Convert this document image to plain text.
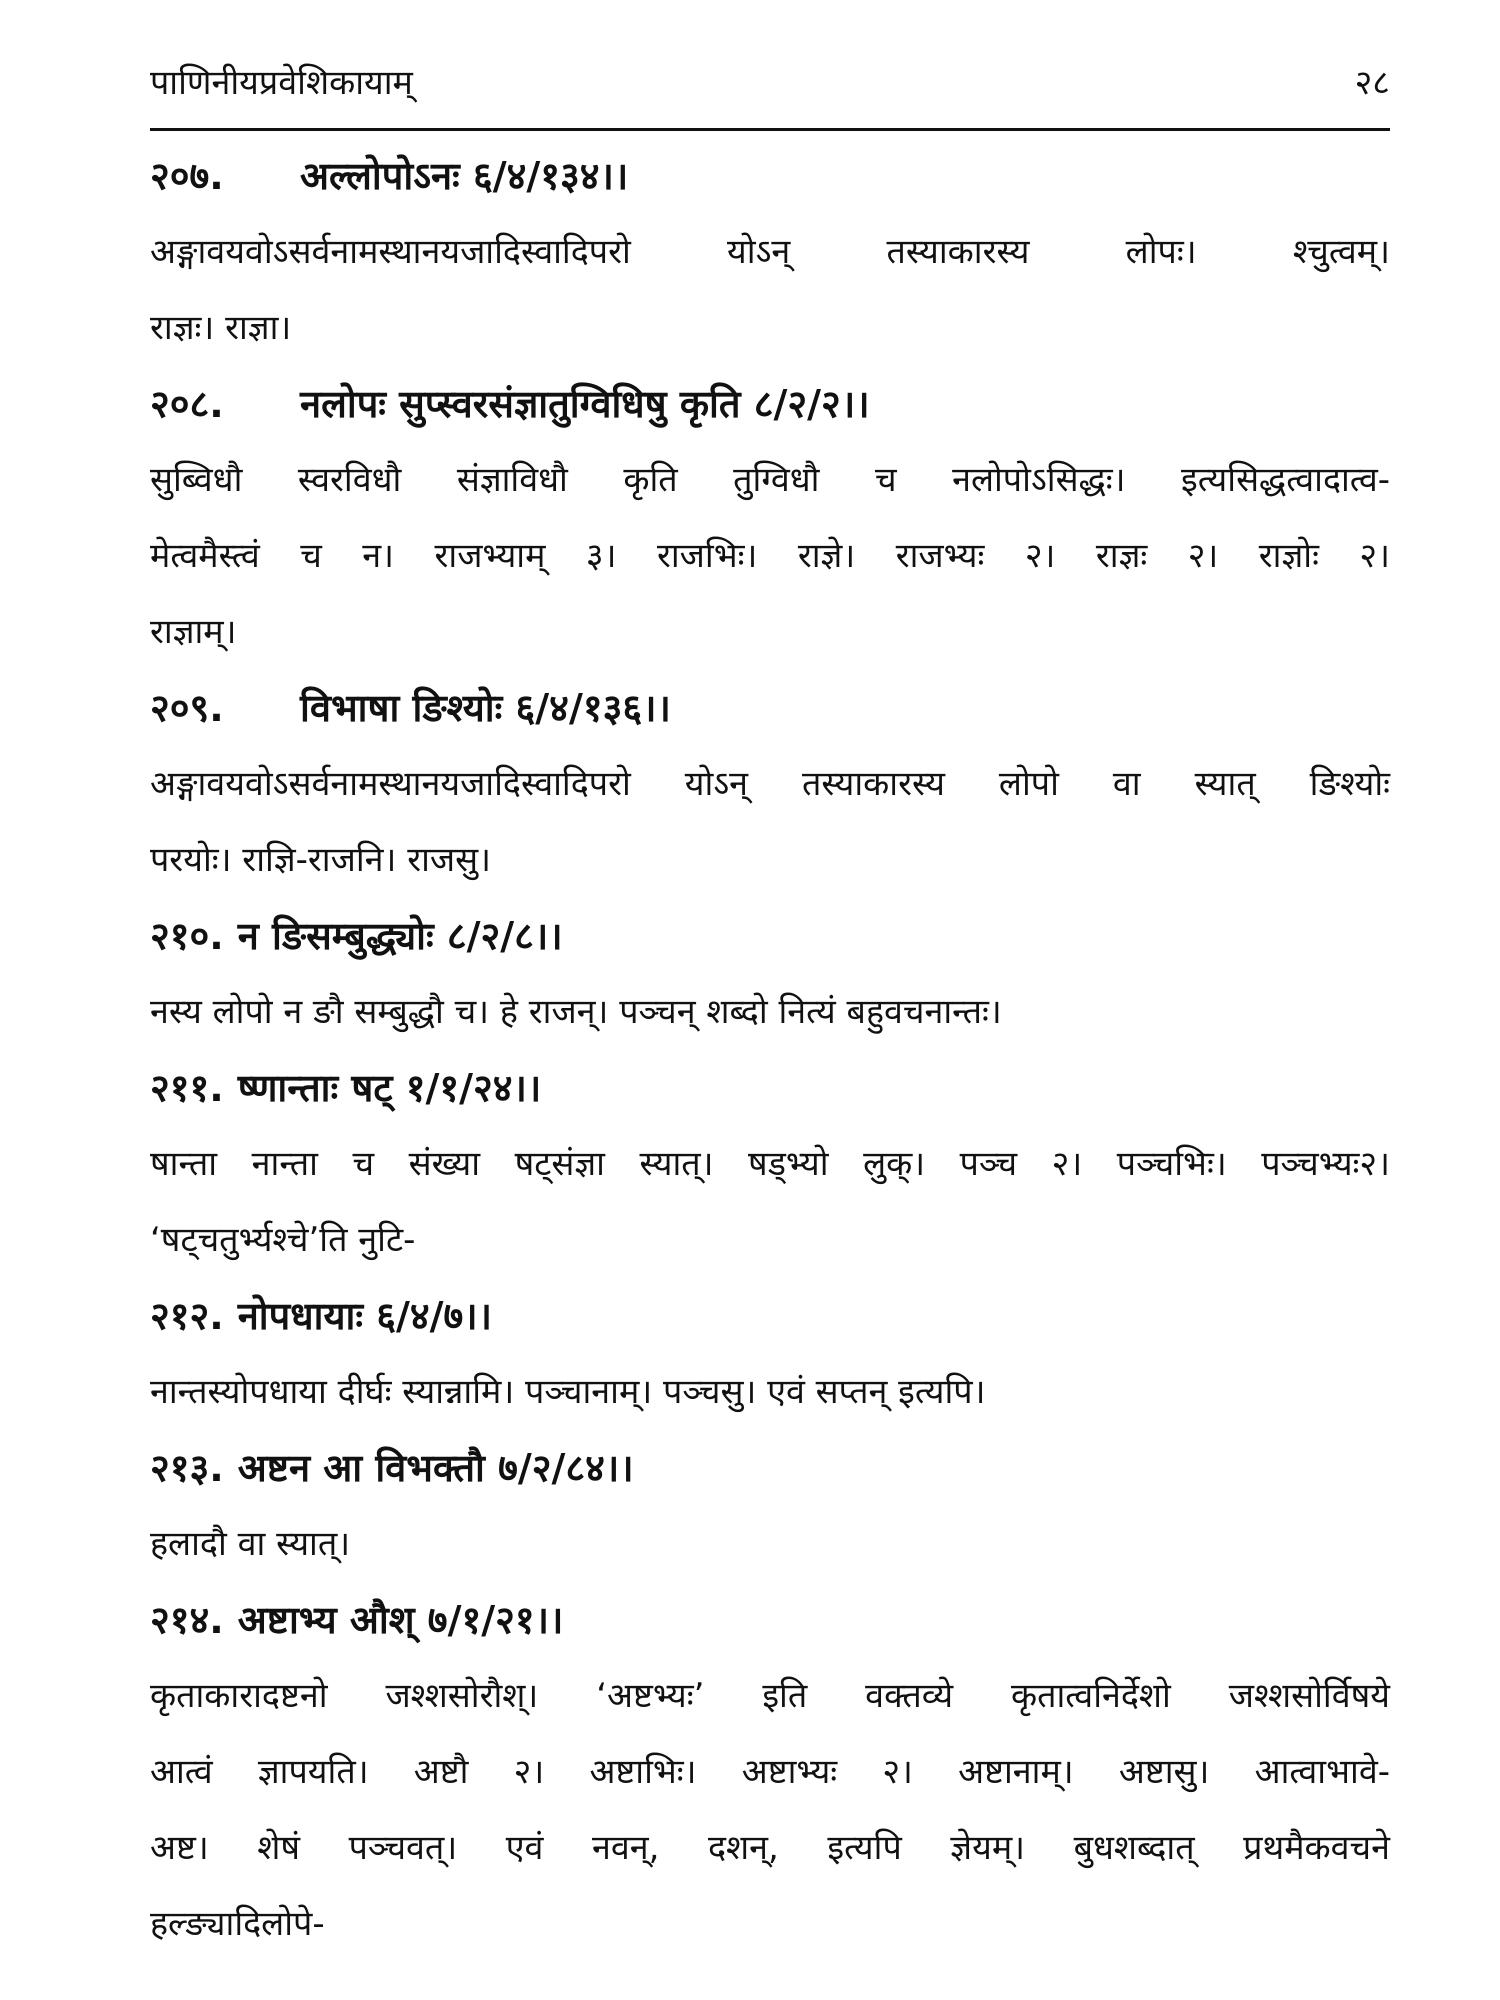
पाणिनीयप्रवेशिकायाम्	२८
२०७. अल्लोपोऽनः ६/४/१३४।।
अङ्गावयवोऽसर्वनामस्थानयजादिस्वादिपरो योऽन् तस्याकारस्य लोपः। श्चुत्वम्।
राज्ञः। राज्ञा।
२०८. नलोपः सुप्स्वरसंज्ञातुग्विधिषु कृति ८/२/२।।
सुब्विधौ स्वरविधौ संज्ञाविधौ कृति तुग्विधौ च नलोपोऽसिद्धः। इत्यसिद्धत्वादात्व-
मेत्वमैस्त्वं च न। राजभ्याम् ३। राजभिः। राज्ञे। राजभ्यः २। राज्ञः २। राज्ञोः २।
राज्ञाम्।
२०९. विभाषा ङिश्योः ६/४/१३६।।
अङ्गावयवोऽसर्वनामस्थानयजादिस्वादिपरो योऽन् तस्याकारस्य लोपो वा स्यात् ङिश्योः
परयोः। राज्ञि-राजनि। राजसु।
२१०. न ङिसम्बुद्ध्योः ८/२/८।।
नस्य लोपो न ङौ सम्बुद्धौ च। हे राजन्। पञ्चन् शब्दो नित्यं बहुवचनान्तः।
२११. ष्णान्ताः षट् १/१/२४।।
षान्ता नान्ता च संख्या षट्संज्ञा स्यात्। षड्भ्यो लुक्। पञ्च २। पञ्चभिः। पञ्चभ्यः२।
‘षट्चतुर्भ्यश्चे’ति नुटि-
२१२. नोपधायाः ६/४/७।।
नान्तस्योपधाया दीर्घः स्यान्नामि। पञ्चानाम्। पञ्चसु। एवं सप्तन् इत्यपि।
२१३. अष्टन आ विभक्तौ ७/२/८४।।
हलादौ वा स्यात्।
२१४. अष्टाभ्य औश् ७/१/२१।।
कृताकारादष्टनो जश्शसोरौश्। ‘अष्टभ्यः’ इति वक्तव्ये कृतात्वनिर्देशो जश्शसोर्विषये
आत्वं ज्ञापयति। अष्टौ २। अष्टाभिः। अष्टाभ्यः २। अष्टानाम्। अष्टासु। आत्वाभावे-
अष्ट। शेषं पञ्चवत्। एवं नवन्, दशन्, इत्यपि ज्ञेयम्। बुधशब्दात् प्रथमैकवचने
हल्ङ्यादिलोपे-
